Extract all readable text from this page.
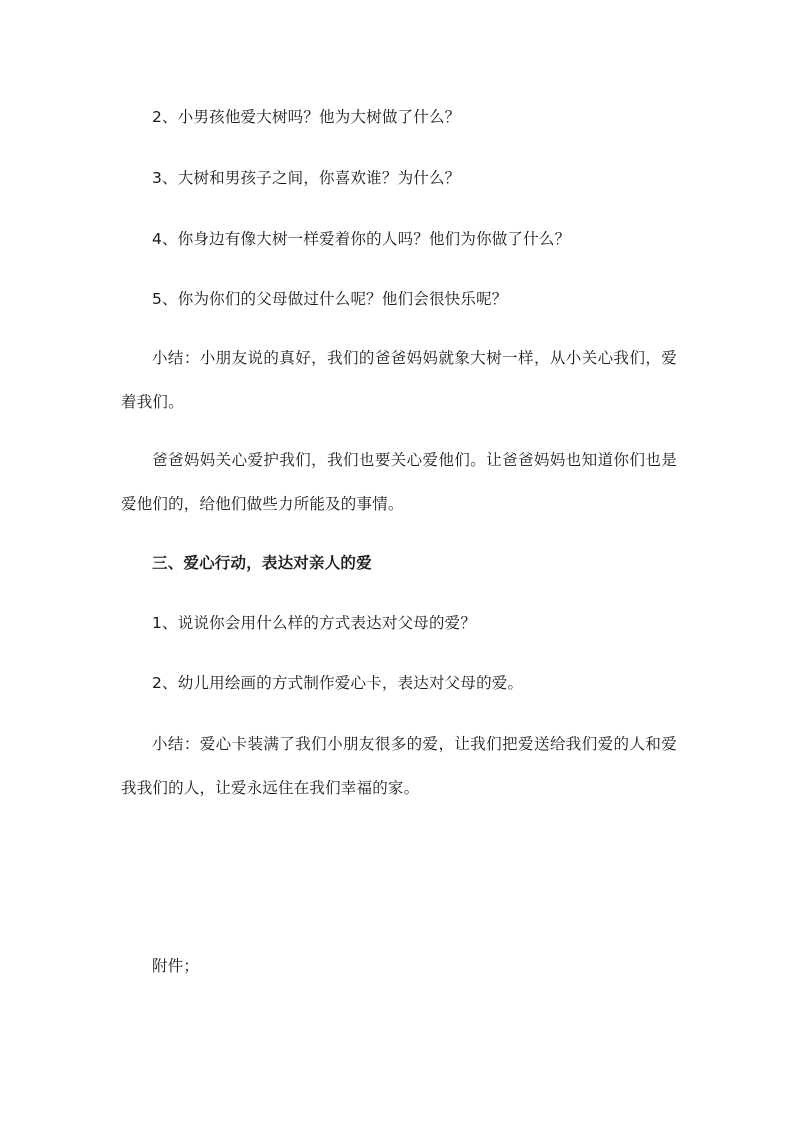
2、小男孩他爱大树吗？他为大树做了什么？

3、大树和男孩子之间，你喜欢谁？为什么？

4、你身边有像大树一样爱着你的人吗？他们为你做了什么？

5、你为你们的父母做过什么呢？他们会很快乐呢？

小结：小朋友说的真好，我们的爸爸妈妈就象大树一样，从小关心我们，爱着我们。

爸爸妈妈关心爱护我们，我们也要关心爱他们。让爸爸妈妈也知道你们也是爱他们的，给他们做些力所能及的事情。

三、爱心行动，表达对亲人的爱

1、说说你会用什么样的方式表达对父母的爱？

2、幼儿用绘画的方式制作爱心卡，表达对父母的爱。

小结：爱心卡装满了我们小朋友很多的爱，让我们把爱送给我们爱的人和爱我我们的人，让爱永远住在我们幸福的家。

附件；
